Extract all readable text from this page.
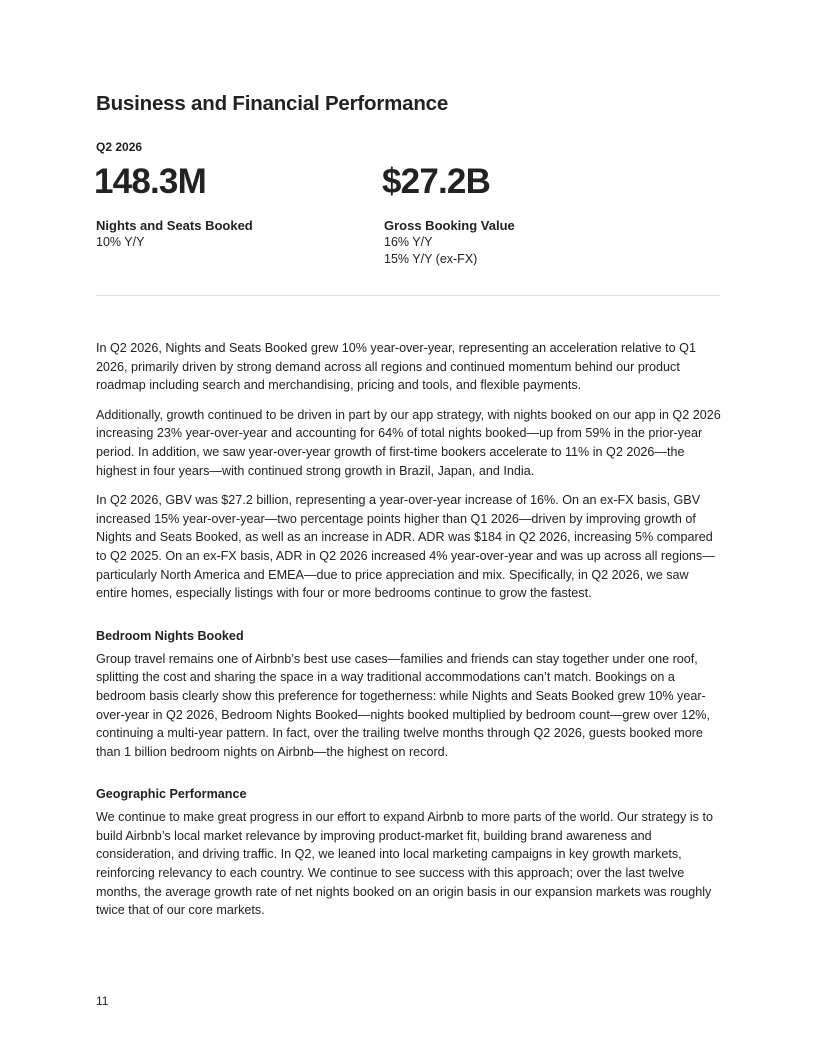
Business and Financial Performance
Q2 2026
148.3M
Nights and Seats Booked
10% Y/Y
$27.2B
Gross Booking Value
16% Y/Y
15% Y/Y (ex-FX)

In Q2 2026, Nights and Seats Booked grew 10% year-over-year, representing an acceleration relative to Q1 2026, primarily driven by strong demand across all regions and continued momentum behind our product roadmap including search and merchandising, pricing and tools, and flexible payments.

Additionally, growth continued to be driven in part by our app strategy, with nights booked on our app in Q2 2026 increasing 23% year-over-year and accounting for 64% of total nights booked—up from 59% in the prior-year period. In addition, we saw year-over-year growth of first-time bookers accelerate to 11% in Q2 2026—the highest in four years—with continued strong growth in Brazil, Japan, and India.

In Q2 2026, GBV was $27.2 billion, representing a year-over-year increase of 16%. On an ex-FX basis, GBV increased 15% year-over-year—two percentage points higher than Q1 2026—driven by improving growth of Nights and Seats Booked, as well as an increase in ADR. ADR was $184 in Q2 2026, increasing 5% compared to Q2 2025. On an ex-FX basis, ADR in Q2 2026 increased 4% year-over-year and was up across all regions—particularly North America and EMEA—due to price appreciation and mix. Specifically, in Q2 2026, we saw entire homes, especially listings with four or more bedrooms continue to grow the fastest.

Bedroom Nights Booked

Group travel remains one of Airbnb’s best use cases—families and friends can stay together under one roof, splitting the cost and sharing the space in a way traditional accommodations can’t match. Bookings on a bedroom basis clearly show this preference for togetherness: while Nights and Seats Booked grew 10% year-over-year in Q2 2026, Bedroom Nights Booked—nights booked multiplied by bedroom count—grew over 12%, continuing a multi-year pattern. In fact, over the trailing twelve months through Q2 2026, guests booked more than 1 billion bedroom nights on Airbnb—the highest on record.

Geographic Performance

We continue to make great progress in our effort to expand Airbnb to more parts of the world. Our strategy is to build Airbnb’s local market relevance by improving product-market fit, building brand awareness and consideration, and driving traffic. In Q2, we leaned into local marketing campaigns in key growth markets, reinforcing relevancy to each country. We continue to see success with this approach; over the last twelve months, the average growth rate of net nights booked on an origin basis in our expansion markets was roughly twice that of our core markets.

11
